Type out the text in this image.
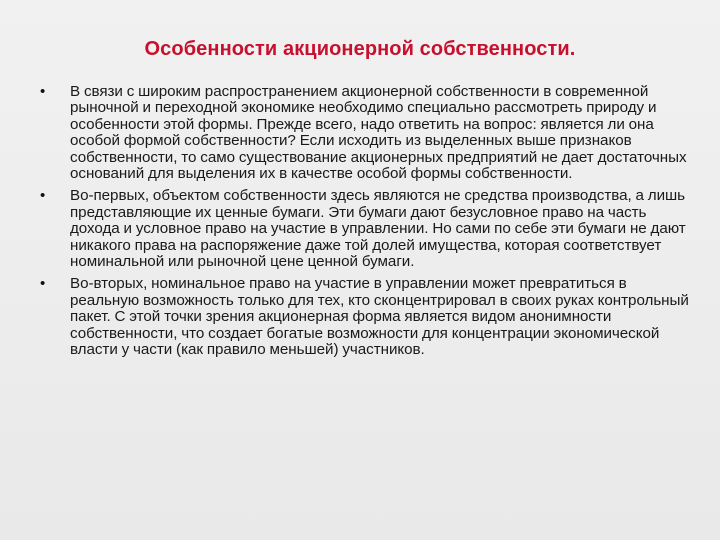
Особенности акционерной собственности.
•	В связи с широким распространением акционерной собственности в современной рыночной и переходной экономике необходимо специально рассмотреть природу и особенности этой формы. Прежде всего, надо ответить на вопрос: является ли она особой формой собственности? Если исходить из выделенных выше признаков собственности, то само существование акционерных предприятий не дает достаточных оснований для выделения их в качестве особой формы собственности.
•	Во-первых, объектом собственности здесь являются не средства производства, а лишь представляющие их ценные бумаги. Эти бумаги дают безусловное право на часть дохода и условное право на участие в управлении. Но сами по себе эти бумаги не дают никакого права на распоряжение даже той долей имущества, которая соответствует номинальной или рыночной цене ценной бумаги.
•	Во-вторых, номинальное право на участие в управлении может превратиться в реальную возможность только для тех, кто сконцентрировал в своих руках контрольный пакет. С этой точки зрения акционерная форма является видом анонимности собственности, что создает богатые возможности для концентрации экономической власти у части (как правило меньшей) участников.
